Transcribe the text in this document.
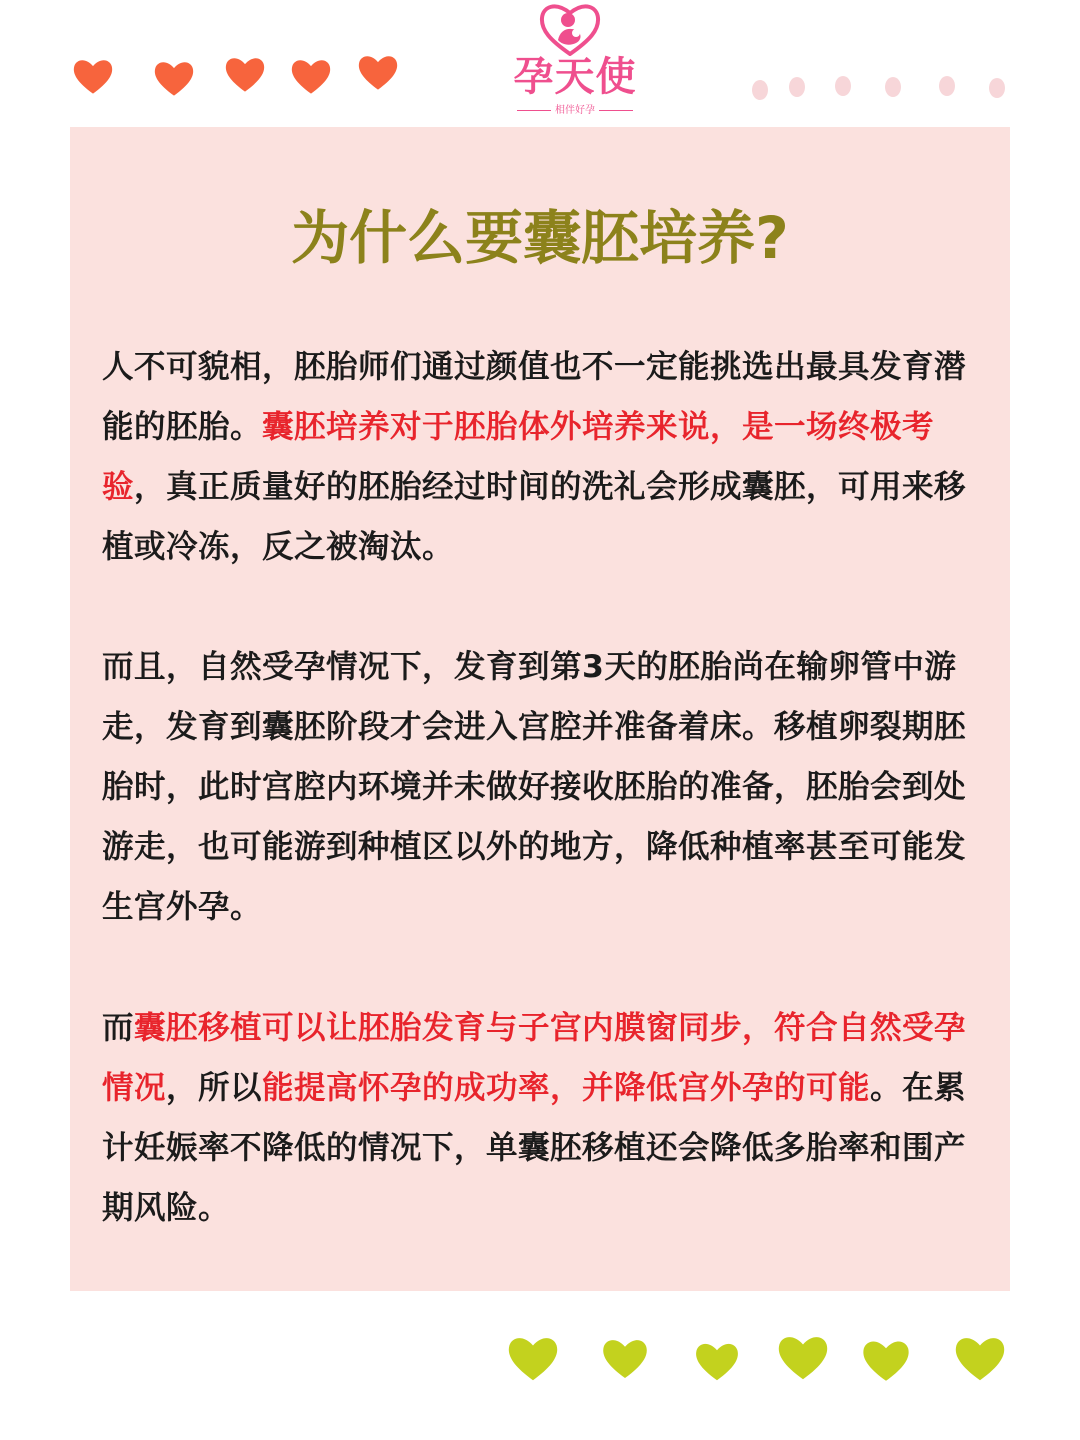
孕天使
相伴好孕
为什么要囊胚培养?
人不可貌相，胚胎师们通过颜值也不一定能挑选出最具发育潜能的胚胎。囊胚培养对于胚胎体外培养来说，是一场终极考验，真正质量好的胚胎经过时间的洗礼会形成囊胚，可用来移植或冷冻，反之被淘汰。
而且，自然受孕情况下，发育到第3天的胚胎尚在输卵管中游走，发育到囊胚阶段才会进入宫腔并准备着床。移植卵裂期胚胎时，此时宫腔内环境并未做好接收胚胎的准备，胚胎会到处游走，也可能游到种植区以外的地方，降低种植率甚至可能发生宫外孕。
而囊胚移植可以让胚胎发育与子宫内膜窗同步，符合自然受孕情况，所以能提高怀孕的成功率，并降低宫外孕的可能。在累计妊娠率不降低的情况下，单囊胚移植还会降低多胎率和围产期风险。
